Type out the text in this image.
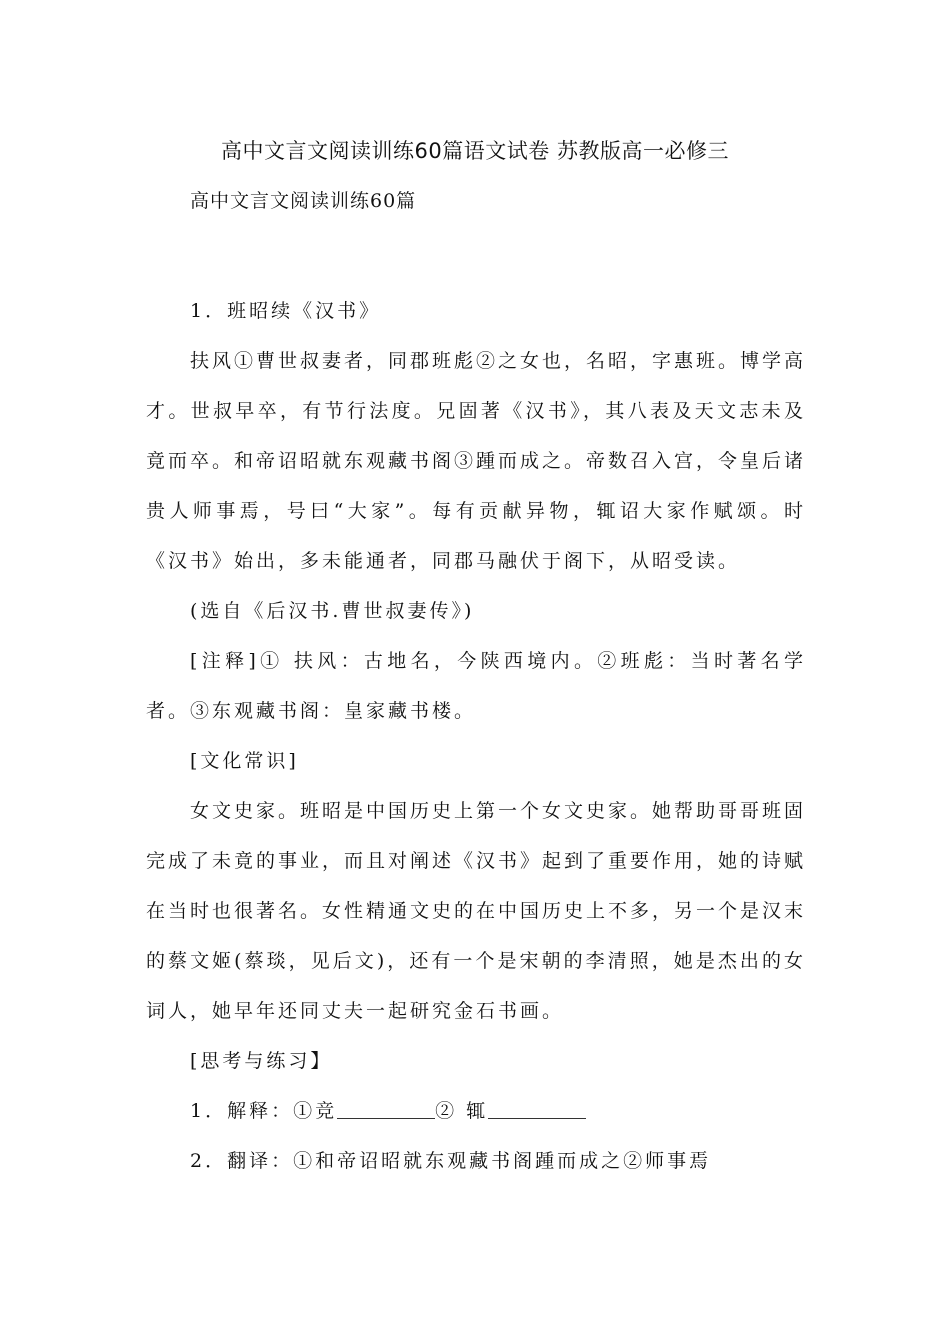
高中文言文阅读训练60篇语文试卷 苏教版高一必修三

高中文言文阅读训练60篇

1．班昭续《汉书》

扶风①曹世叔妻者，同郡班彪②之女也，名昭，字惠班。博学高才。世叔早卒，有节行法度。兄固著《汉书》，其八表及天文志未及竟而卒。和帝诏昭就东观藏书阁③踵而成之。帝数召入宫，令皇后诸贵人师事焉，号曰“大家”。每有贡献异物，辄诏大家作赋颂。时《汉书》始出，多未能通者，同郡马融伏于阁下，从昭受读。

(选自《后汉书.曹世叔妻传》)

[注释]① 扶风：古地名，今陕西境内。②班彪：当时著名学者。③东观藏书阁：皇家藏书楼。

[文化常识]

女文史家。班昭是中国历史上第一个女文史家。她帮助哥哥班固完成了未竟的事业，而且对阐述《汉书》起到了重要作用，她的诗赋在当时也很著名。女性精通文史的在中国历史上不多，另一个是汉末的蔡文姬(蔡琰，见后文)，还有一个是宋朝的李清照，她是杰出的女词人，她早年还同丈夫一起研究金石书画。

[思考与练习】

1．解释：①竞	② 辄

2．翻译：①和帝诏昭就东观藏书阁踵而成之②师事焉
